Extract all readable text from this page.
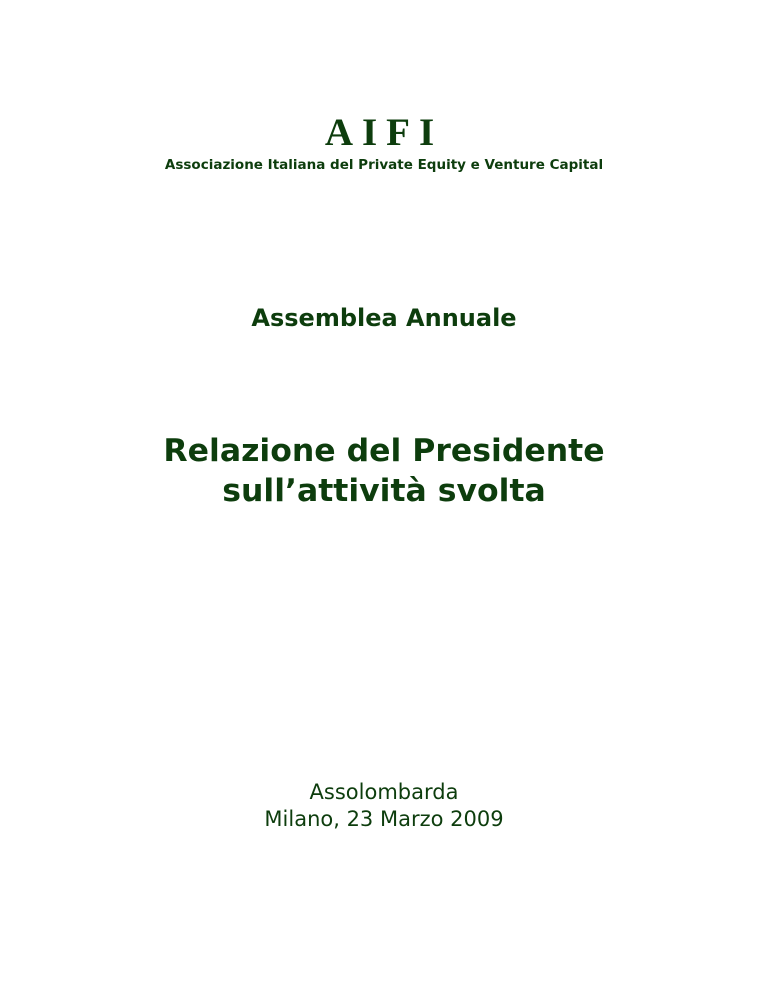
AIFI
Associazione Italiana del Private Equity e Venture Capital
Assemblea Annuale
Relazione del Presidente
sull’attività svolta
Assolombarda
Milano, 23 Marzo 2009
